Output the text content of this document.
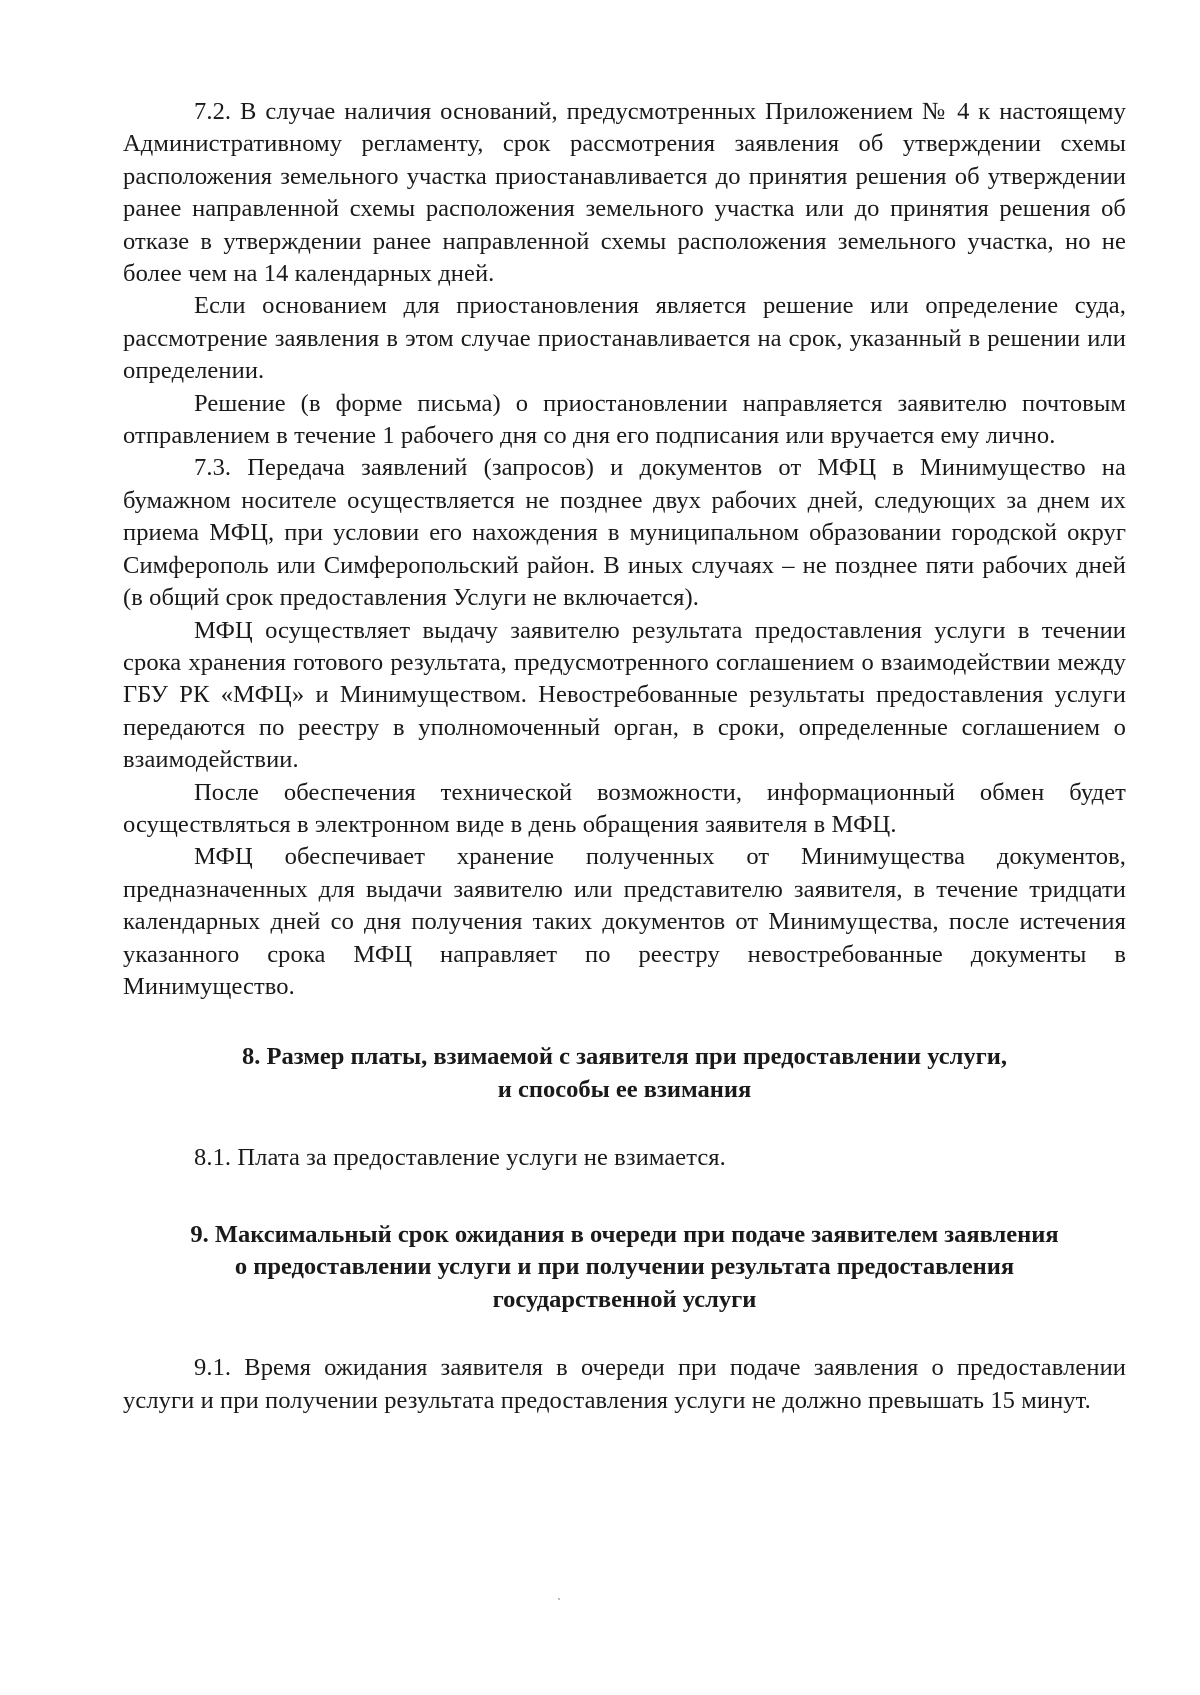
7.2. В случае наличия оснований, предусмотренных Приложением № 4 к настоящему Административному регламенту, срок рассмотрения заявления об утверждении схемы расположения земельного участка приостанавливается до принятия решения об утверждении ранее направленной схемы расположения земельного участка или до принятия решения об отказе в утверждении ранее направленной схемы расположения земельного участка, но не более чем на 14 календарных дней.

Если основанием для приостановления является решение или определение суда, рассмотрение заявления в этом случае приостанавливается на срок, указанный в решении или определении.

Решение (в форме письма) о приостановлении направляется заявителю почтовым отправлением в течение 1 рабочего дня со дня его подписания или вручается ему лично.

7.3. Передача заявлений (запросов) и документов от МФЦ в Минимущество на бумажном носителе осуществляется не позднее двух рабочих дней, следующих за днем их приема МФЦ, при условии его нахождения в муниципальном образовании городской округ Симферополь или Симферопольский район. В иных случаях – не позднее пяти рабочих дней (в общий срок предоставления Услуги не включается).

МФЦ осуществляет выдачу заявителю результата предоставления услуги в течении срока хранения готового результата, предусмотренного соглашением о взаимодействии между ГБУ РК «МФЦ» и Минимуществом. Невостребованные результаты предоставления услуги передаются по реестру в уполномоченный орган, в сроки, определенные соглашением о взаимодействии.

После обеспечения технической возможности, информационный обмен будет осуществляться в электронном виде в день обращения заявителя в МФЦ.

МФЦ обеспечивает хранение полученных от Минимущества документов, предназначенных для выдачи заявителю или представителю заявителя, в течение тридцати календарных дней со дня получения таких документов от Минимущества, после истечения указанного срока МФЦ направляет по реестру невостребованные документы в Минимущество.

8. Размер платы, взимаемой с заявителя при предоставлении услуги,
и способы ее взимания

8.1. Плата за предоставление услуги не взимается.

9. Максимальный срок ожидания в очереди при подаче заявителем заявления
о предоставлении услуги и при получении результата предоставления
государственной услуги

9.1. Время ожидания заявителя в очереди при подаче заявления о предоставлении услуги и при получении результата предоставления услуги не должно превышать 15 минут.
